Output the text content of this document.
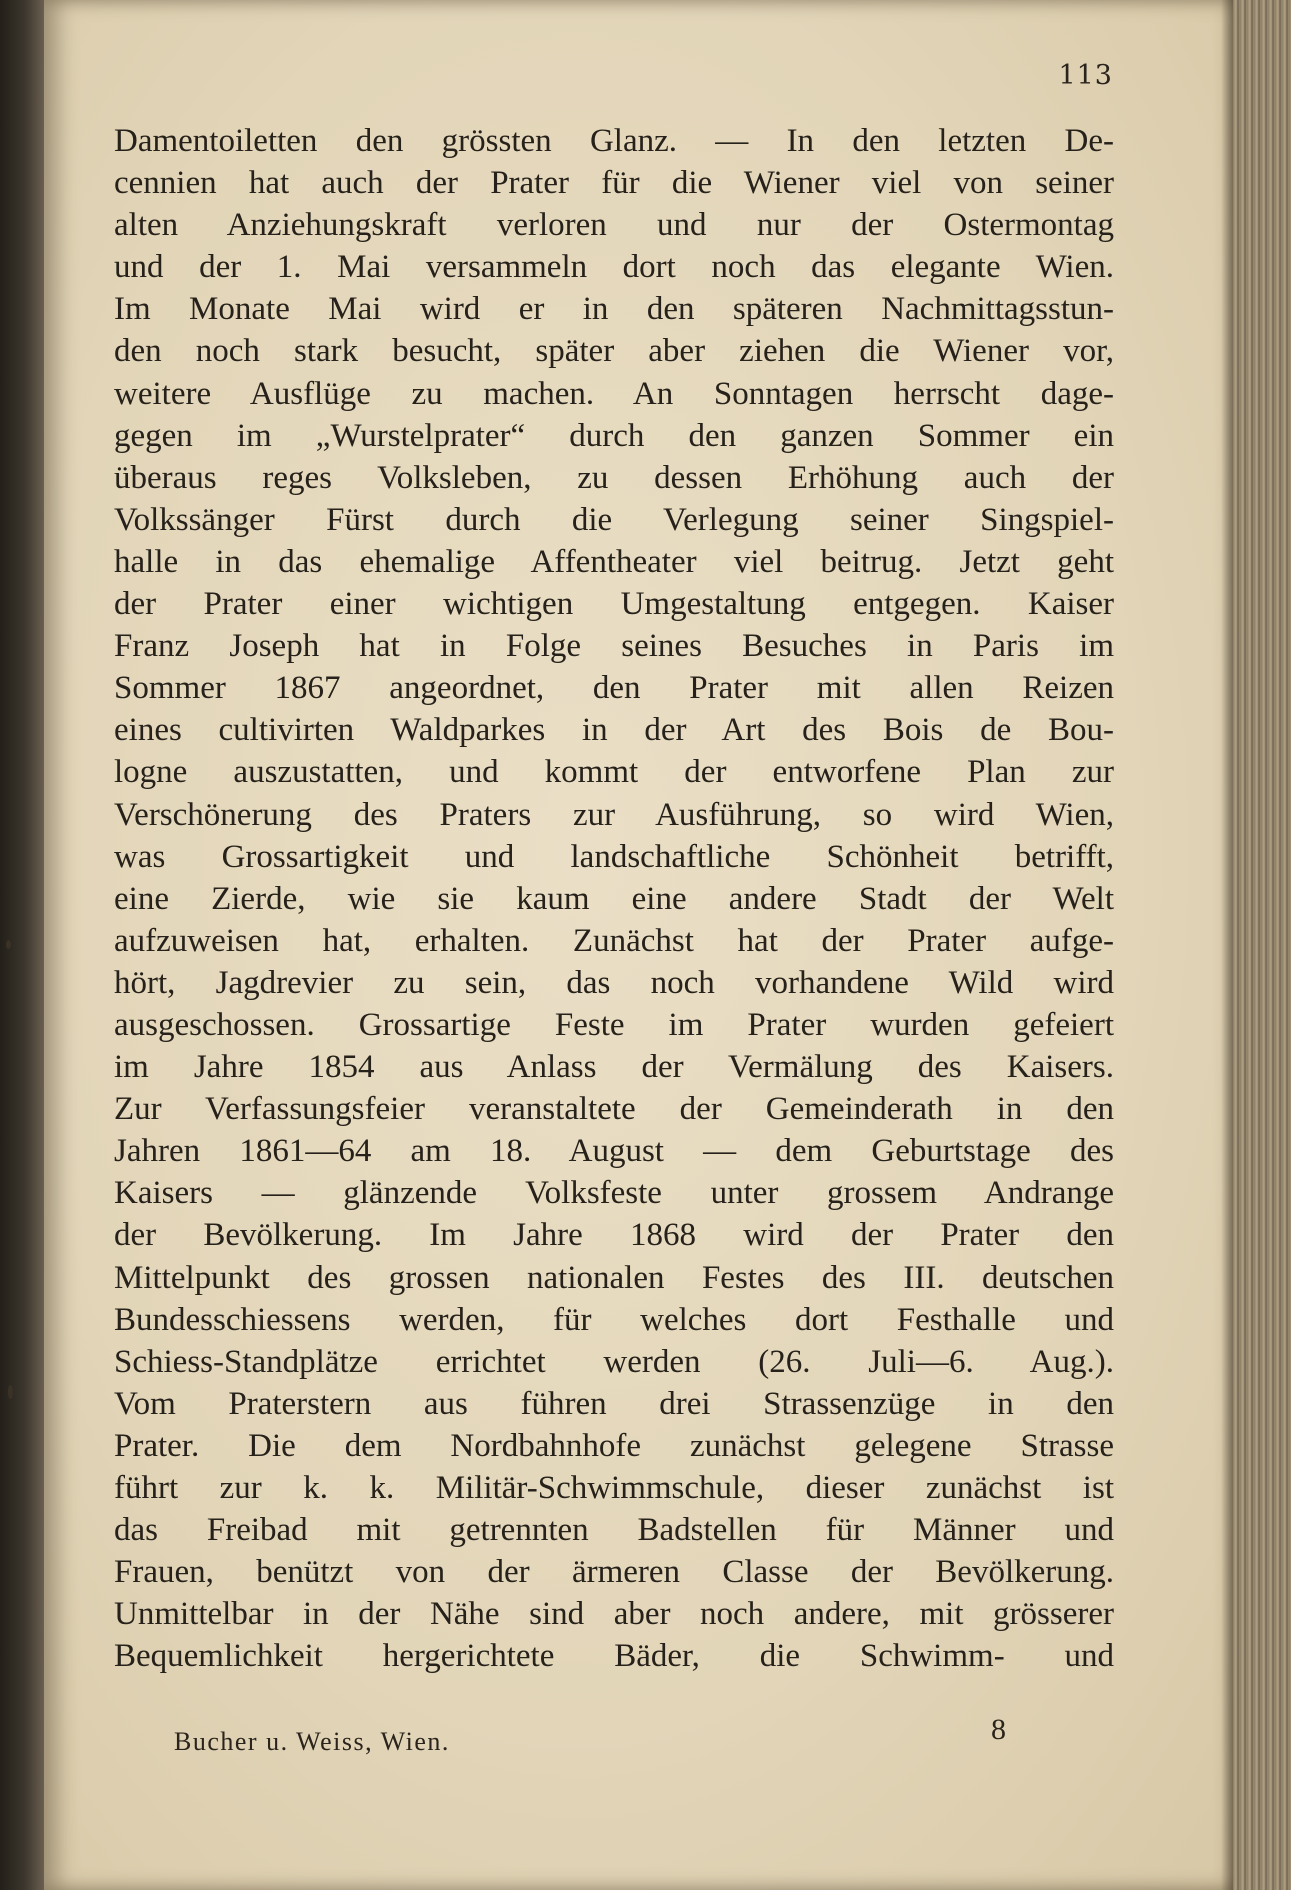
113
Damentoiletten den grössten Glanz. — In den letzten De-
cennien hat auch der Prater für die Wiener viel von seiner
alten Anziehungskraft verloren und nur der Ostermontag
und der 1. Mai versammeln dort noch das elegante Wien.
Im Monate Mai wird er in den späteren Nachmittagsstun-
den noch stark besucht, später aber ziehen die Wiener vor,
weitere Ausflüge zu machen. An Sonntagen herrscht dage-
gegen im „Wurstelprater“ durch den ganzen Sommer ein
überaus reges Volksleben, zu dessen Erhöhung auch der
Volkssänger Fürst durch die Verlegung seiner Singspiel-
halle in das ehemalige Affentheater viel beitrug. Jetzt geht
der Prater einer wichtigen Umgestaltung entgegen. Kaiser
Franz Joseph hat in Folge seines Besuches in Paris im
Sommer 1867 angeordnet, den Prater mit allen Reizen
eines cultivirten Waldparkes in der Art des Bois de Bou-
logne auszustatten, und kommt der entworfene Plan zur
Verschönerung des Praters zur Ausführung, so wird Wien,
was Grossartigkeit und landschaftliche Schönheit betrifft,
eine Zierde, wie sie kaum eine andere Stadt der Welt
aufzuweisen hat, erhalten. Zunächst hat der Prater aufge-
hört, Jagdrevier zu sein, das noch vorhandene Wild wird
ausgeschossen. Grossartige Feste im Prater wurden gefeiert
im Jahre 1854 aus Anlass der Vermälung des Kaisers.
Zur Verfassungsfeier veranstaltete der Gemeinderath in den
Jahren 1861—64 am 18. August — dem Geburtstage des
Kaisers — glänzende Volksfeste unter grossem Andrange
der Bevölkerung. Im Jahre 1868 wird der Prater den
Mittelpunkt des grossen nationalen Festes des III. deutschen
Bundesschiessens werden, für welches dort Festhalle und
Schiess-Standplätze errichtet werden (26. Juli—6. Aug.).
Vom Praterstern aus führen drei Strassenzüge in den
Prater. Die dem Nordbahnhofe zunächst gelegene Strasse
führt zur k. k. Militär-Schwimmschule, dieser zunächst ist
das Freibad mit getrennten Badstellen für Männer und
Frauen, benützt von der ärmeren Classe der Bevölkerung.
Unmittelbar in der Nähe sind aber noch andere, mit grösserer
Bequemlichkeit hergerichtete Bäder, die Schwimm- und
Bucher u. Weiss, Wien.	8
